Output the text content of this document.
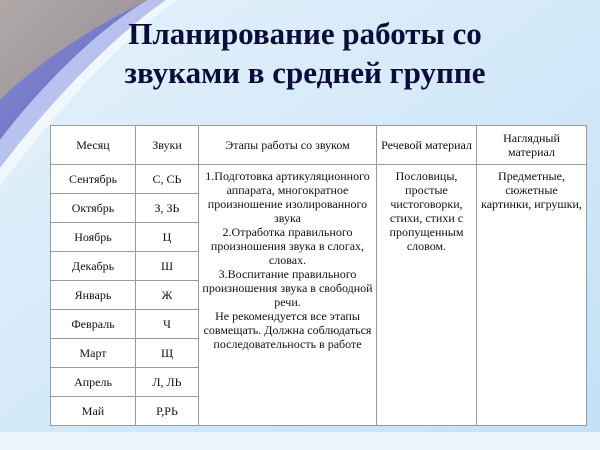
Планирование работы со звуками в средней группе
Месяц	Звуки	Этапы работы со звуком	Речевой материал	Наглядный материал
Сентябрь	С, СЬ	1.Подготовка артикуляционного аппарата, многократное произношение изолированного звука

2.Отработка правильного произношения звука в слогах, словах.

3.Воспитание правильного произношения звука в свободной речи.

Не рекомендуется все этапы совмещать. Должна соблюдаться последовательность в работе	Пословицы, простые чистоговорки, стихи, стихи с пропущенным словом.	Предметные, сюжетные картинки, игрушки,
Октябрь	З, ЗЬ			
Ноябрь	Ц			
Декабрь	Ш			
Январь	Ж			
Февраль	Ч			
Март	Щ			
Апрель	Л, ЛЬ			
Май	Р,РЬ			
